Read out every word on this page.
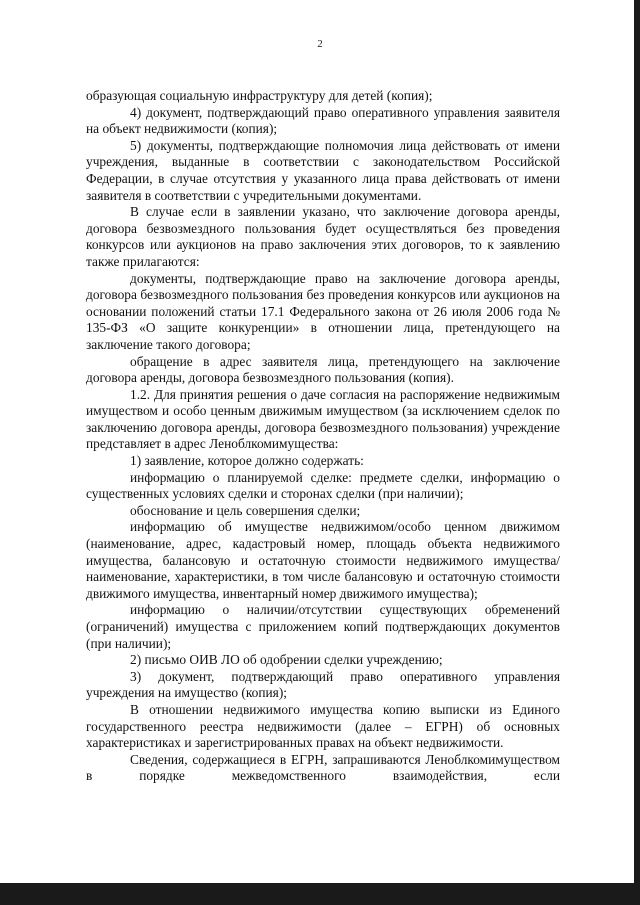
2

образующая социальную инфраструктуру для детей (копия);

4) документ, подтверждающий право оперативного управления заявителя на объект недвижимости (копия);

5) документы, подтверждающие полномочия лица действовать от имени учреждения, выданные в соответствии с законодательством Российской Федерации, в случае отсутствия у указанного лица права действовать от имени заявителя в соответствии с учредительными документами.

В случае если в заявлении указано, что заключение договора аренды, договора безвозмездного пользования будет осуществляться без проведения конкурсов или аукционов на право заключения этих договоров, то к заявлению также прилагаются:

документы, подтверждающие право на заключение договора аренды, договора безвозмездного пользования без проведения конкурсов или аукционов на основании положений статьи 17.1 Федерального закона от 26 июля 2006 года № 135-ФЗ «О защите конкуренции» в отношении лица, претендующего на заключение такого договора;

обращение в адрес заявителя лица, претендующего на заключение договора аренды, договора безвозмездного пользования (копия).

1.2. Для принятия решения о даче согласия на распоряжение недвижимым имуществом и особо ценным движимым имуществом (за исключением сделок по заключению договора аренды, договора безвозмездного пользования) учреждение представляет в адрес Леноблкомимущества:

1) заявление, которое должно содержать:

информацию о планируемой сделке: предмете сделки, информацию о существенных условиях сделки и сторонах сделки (при наличии);

обоснование и цель совершения сделки;

информацию об имуществе недвижимом/особо ценном движимом (наименование, адрес, кадастровый номер, площадь объекта недвижимого имущества, балансовую и остаточную стоимости недвижимого имущества/наименование, характеристики, в том числе балансовую и остаточную стоимости движимого имущества, инвентарный номер движимого имущества);

информацию о наличии/отсутствии существующих обременений (ограничений) имущества с приложением копий подтверждающих документов (при наличии);

2) письмо ОИВ ЛО об одобрении сделки учреждению;

3) документ, подтверждающий право оперативного управления учреждения на имущество (копия);

В отношении недвижимого имущества копию выписки из Единого государственного реестра недвижимости (далее – ЕГРН) об основных характеристиках и зарегистрированных правах на объект недвижимости.

Сведения, содержащиеся в ЕГРН, запрашиваются Леноблкомимуществом в порядке межведомственного взаимодействия, если
